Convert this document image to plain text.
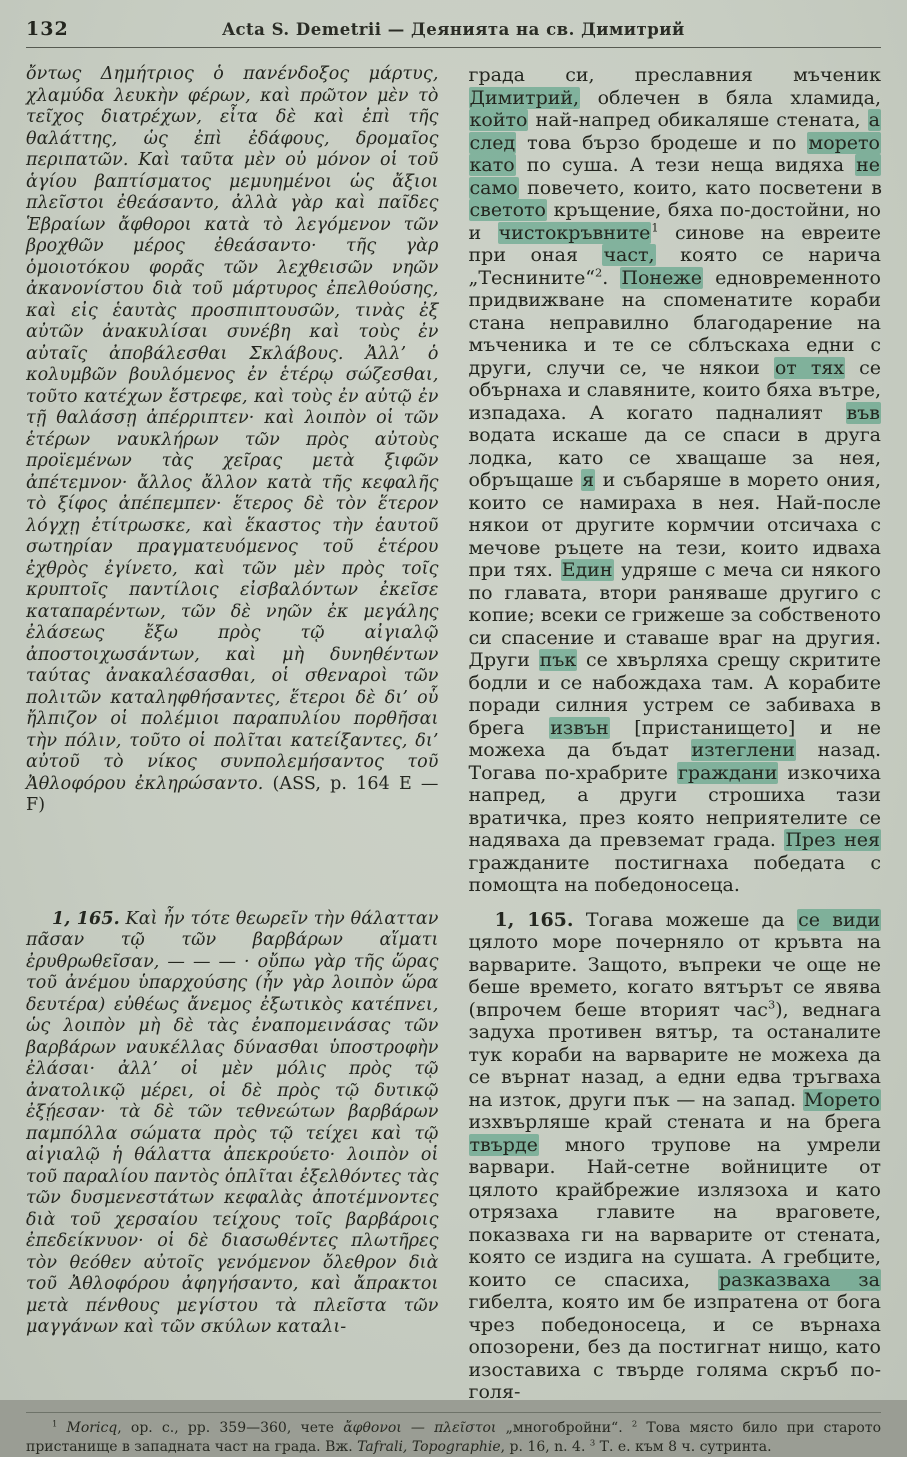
132	Acta S. Demetrii — Деянията на св. Димитрий

ὄντως Δημήτριος ὁ πανένδοξος μάρτυς, χλαμύδα λευκὴν φέρων, καὶ πρῶτον μὲν τὸ τεῖχος διατρέχων, εἶτα δὲ καὶ ἐπὶ τῆς θαλάττης, ὡς ἐπὶ ἐδάφους, δρομαῖος περιπατῶν. Καὶ ταῦτα μὲν οὐ μόνον οἱ τοῦ ἁγίου βαπτίσματος μεμυημένοι ὡς ἄξιοι πλεῖστοι ἐθεάσαντο, ἀλλὰ γὰρ καὶ παῖδες Ἑβραίων ἄφθοροι κατὰ τὸ λεγόμενον τῶν βροχθῶν μέρος ἐθεάσαντο· τῆς γὰρ ὁμοιοτόκου φορᾶς τῶν λεχθεισῶν νηῶν ἀκανονίστου διὰ τοῦ μάρτυρος ἐπελθούσης, καὶ εἰς ἑαυτὰς προσπιπτουσῶν, τινὰς ἐξ αὐτῶν ἀνακυλίσαι συνέβη καὶ τοὺς ἐν αὐταῖς ἀποβάλεσθαι Σκλάβους. Ἀλλ’ ὁ κολυμβῶν βουλόμενος ἐν ἑτέρῳ σώζεσθαι, τοῦτο κατέχων ἔστρεφε, καὶ τοὺς ἐν αὐτῷ ἐν τῇ θαλάσσῃ ἀπέρριπτεν· καὶ λοιπὸν οἱ τῶν ἑτέρων ναυκλήρων τῶν πρὸς αὐτοὺς προϊεμένων τὰς χεῖρας μετὰ ξιφῶν ἀπέτεμνον· ἄλλος ἄλλον κατὰ τῆς κεφαλῆς τὸ ξίφος ἀπέπεμπεν· ἕτερος δὲ τὸν ἕτερον λόγχῃ ἐτίτρωσκε, καὶ ἕκαστος τὴν ἑαυτοῦ σωτηρίαν πραγματευόμενος τοῦ ἑτέρου ἐχθρὸς ἐγίνετο, καὶ τῶν μὲν πρὸς τοῖς κρυπτοῖς παντίλοις εἰσβαλόντων ἐκεῖσε καταπαρέντων, τῶν δὲ νηῶν ἐκ μεγάλης ἐλάσεως ἔξω πρὸς τῷ αἰγιαλῷ ἀποστοιχωσάντων, καὶ μὴ δυνηθέντων ταύτας ἀνακαλέσασθαι, οἱ σθεναροὶ τῶν πολιτῶν καταληφθήσαντες, ἕτεροι δὲ δι’ οὗ ἤλπιζον οἱ πολέμιοι παραπυλίου πορθῆσαι τὴν πόλιν, τοῦτο οἱ πολῖται κατείξαντες, δι’ αὐτοῦ τὸ νίκος συνπολεμήσαντος τοῦ Ἀθλοφόρου ἐκληρώσαντο. (ASS, p. 164 E — F)

града си, преславния мъченик Димитрий, облечен в бяла хламида, който най-напред обикаляше стената, а след това бързо бродеше и по морето като по суша. А тези неща видяха не само повечето, които, като посветени в светото кръщение, бяха по-достойни, но и чистокръвните$^1$ синове на евреите при оная част, която се нарича „Теснините“$^2$. Понеже едновременното придвижване на споменатите кораби стана неправилно благодарение на мъченика и те се сблъскаха едни с други, случи се, че някои от тях се обърнаха и славяните, които бяха вътре, изпадаха. А когато падналият във водата искаше да се спаси в друга лодка, като се хващаше за нея, обръщаше я и събаряше в морето ония, които се намираха в нея. Най-после някои от другите кормчии отсичаха с мечове ръцете на тези, които идваха при тях. Един удряше с меча си някого по главата, втори раняваше другиго с копие; всеки се грижеше за собственото си спасение и ставаше враг на другия. Други пък се хвърляха срещу скритите бодли и се набождаха там. А корабите поради силния устрем се забиваха в брега извън [пристанището] и не можеха да бъдат изтеглени назад. Тогава по-храбрите граждани изкочиха напред, а други строшиха тази вратичка, през която неприятелите се надяваха да превземат града. През нея гражданите постигнаха победата с помощта на победоносеца.

1, 165. Καὶ ἦν τότε θεωρεῖν τὴν θάλατταν πᾶσαν τῷ τῶν βαρβάρων αἵματι ἐρυθρωθεῖσαν, — — — · οὔπω γὰρ τῆς ὥρας τοῦ ἀνέμου ὑπαρχούσης (ἦν γὰρ λοιπὸν ὥρα δευτέρα) εὐθέως ἄνεμος ἐξωτικὸς κατέπνει, ὡς λοιπὸν μὴ δὲ τὰς ἐναπομεινάσας τῶν βαρβάρων ναυκέλλας δύνασθαι ὑποστροφὴν ἐλάσαι· ἀλλ’ οἱ μὲν μόλις πρὸς τῷ ἀνατολικῷ μέρει, οἱ δὲ πρὸς τῷ δυτικῷ ἐξῄεσαν· τὰ δὲ τῶν τεθνεώτων βαρβάρων παμπόλλα σώματα πρὸς τῷ τείχει καὶ τῷ αἰγιαλῷ ἡ θάλαττα ἀπεκρούετο· λοιπὸν οἱ τοῦ παραλίου παντὸς ὁπλῖται ἐξελθόντες τὰς τῶν δυσμενεστάτων κεφαλὰς ἀποτέμνοντες διὰ τοῦ χερσαίου τείχους τοῖς βαρβάροις ἐπεδείκνυον· οἱ δὲ διασωθέντες πλωτῆρες τὸν θεόθεν αὐτοῖς γενόμενον ὄλεθρον διὰ τοῦ Ἀθλοφόρου ἀφηγήσαντο, καὶ ἄπρακτοι μετὰ πένθους μεγίστου τὰ πλεῖστα τῶν μαγγάνων καὶ τῶν σκύλων καταλι-

1, 165. Тогава можеше да се види цялото море почерняло от кръвта на варварите. Защото, въпреки че още не беше времето, когато вятърът се явява (впрочем беше вторият час$^3$), веднага задуха противен вятър, та останалите тук кораби на варварите не можеха да се върнат назад, а едни едва тръгваха на изток, други пък — на запад. Морето изхвърляше край стената и на брега твърде много трупове на умрели варвари. Най-сетне войниците от цялото крайбрежие излязоха и като отрязаха главите на враговете, показваха ги на варварите от стената, която се издига на сушата. А гребците, които се спасиха, разказваха за гибелта, която им бе изпратена от бога чрез победоносеца, и се върнаха опозорени, без да постигнат нищо, като изоставиха с твърде голяма скръб по-голя-

$^1$ Moricq, op. c., pp. 359—360, чете ἄφθονοι — πλεῖστοι „многобройни“. $^2$ Това място било при старото пристанище в западната част на града. Вж. Tafrali, Topographie, p. 16, n. 4. $^3$ Т. е. към 8 ч. сутринта.
